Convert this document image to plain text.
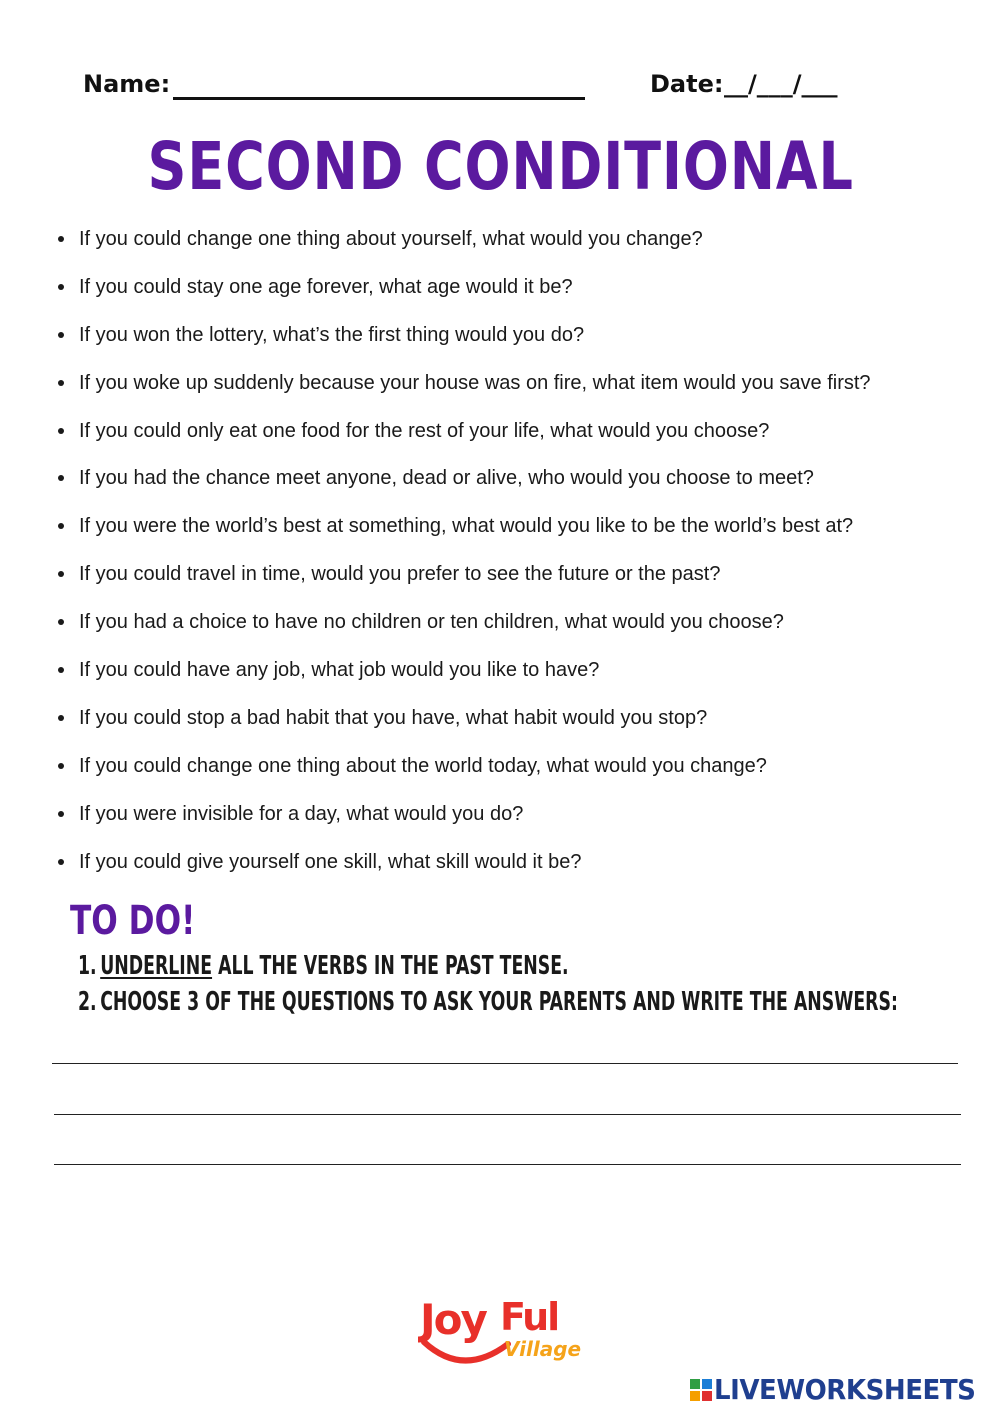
Name:	Date: __/___/___
SECOND CONDITIONAL
If you could change one thing about yourself, what would you change?
If you could stay one age forever, what age would it be?
If you won the lottery, what’s the first thing would you do?
If you woke up suddenly because your house was on fire, what item would you save first?
If you could only eat one food for the rest of your life, what would you choose?
If you had the chance meet anyone, dead or alive, who would you choose to meet?
If you were the world’s best at something, what would you like to be the world’s best at?
If you could travel in time, would you prefer to see the future or the past?
If you had a choice to have no children or ten children, what would you choose?
If you could have any job, what job would you like to have?
If you could stop a bad habit that you have, what habit would you stop?
If you could change one thing about the world today, what would you change?
If you were invisible for a day, what would you do?
If you could give yourself one skill, what skill would it be?
TO DO!
1. UNDERLINE ALL THE VERBS IN THE PAST TENSE.
2. CHOOSE 3 OF THE QUESTIONS TO ASK YOUR PARENTS AND WRITE THE ANSWERS:
Joy Ful
Village
LIVEWORKSHEETS
